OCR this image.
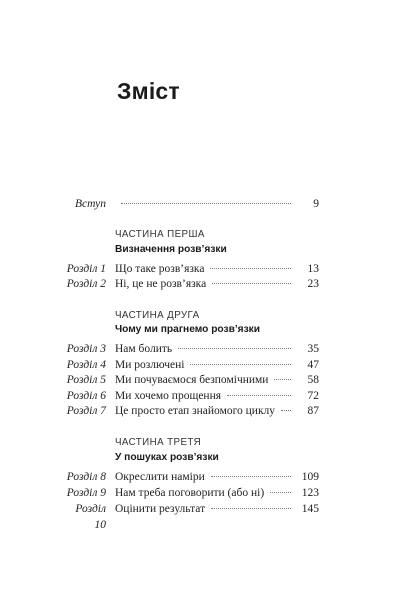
Зміст
Вступ	9

ЧАСТИНА ПЕРША

Визначення розв’язки

Розділ 1 Що таке розв’язка	13
Розділ 2 Ні, це не розв’язка	23

ЧАСТИНА ДРУГА

Чому ми прагнемо розв’язки

Розділ 3 Нам болить	35
Розділ 4 Ми розлючені	47
Розділ 5 Ми почуваємося безпомічними	58
Розділ 6 Ми хочемо прощення	72
Розділ 7 Це просто етап знайомого циклу	87

ЧАСТИНА ТРЕТЯ

У пошуках розв’язки

Розділ 8 Окреслити наміри	109
Розділ 9 Нам треба поговорити (або ні)	123
Розділ 10
Оцінити результат	145
